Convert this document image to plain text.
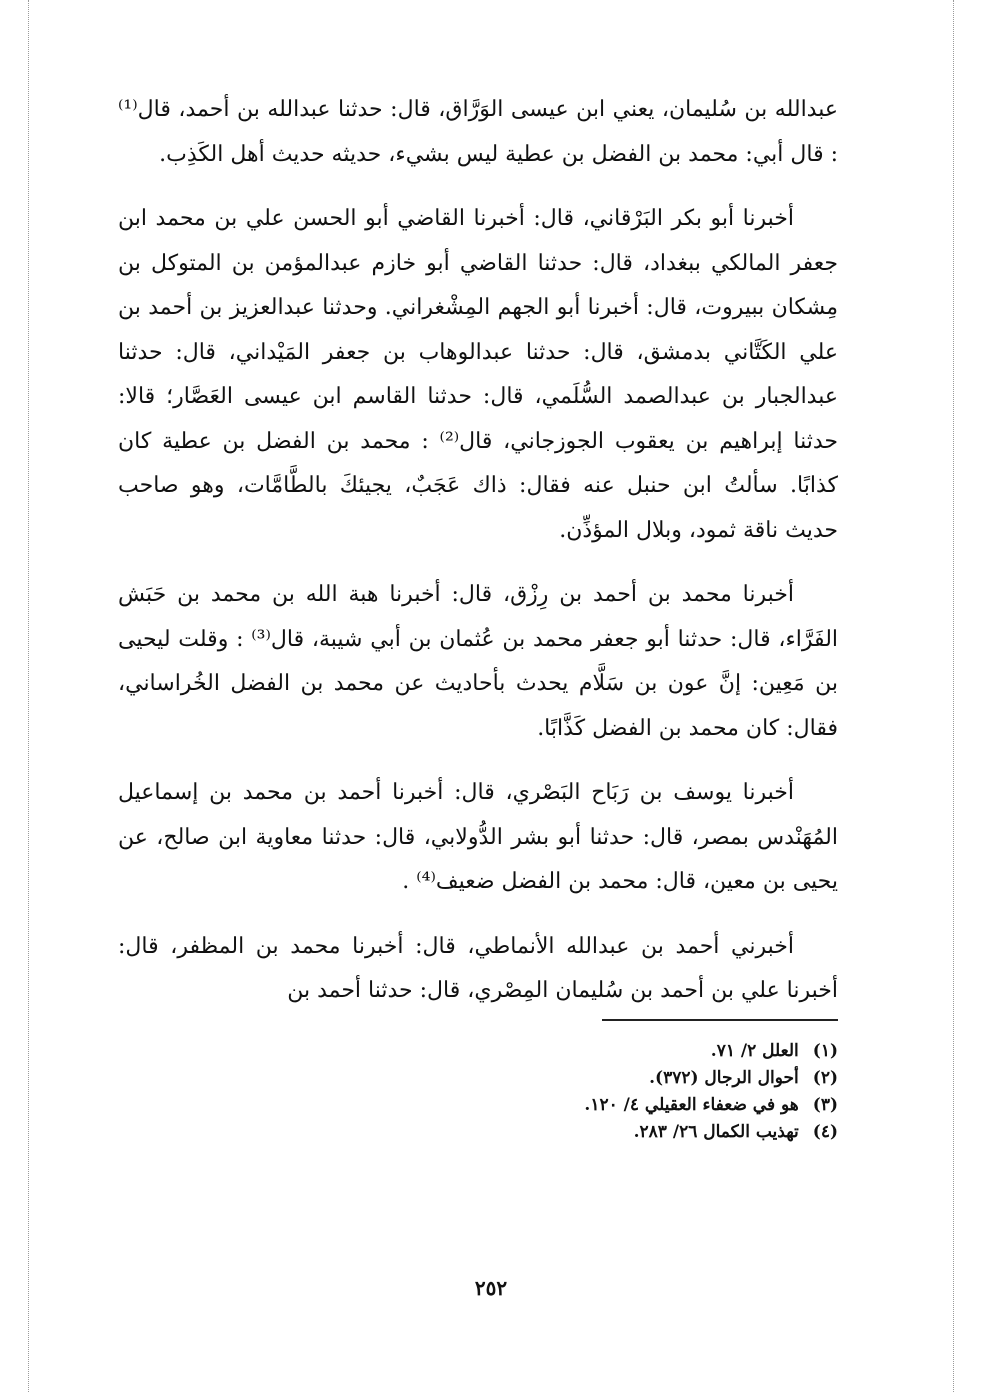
عبدالله بن سُليمان، يعني ابن عيسى الوَرَّاق، قال: حدثنا عبدالله بن أحمد، قال⁽¹⁾ : قال أبي: محمد بن الفضل بن عطية ليس بشيء، حديثه حديث أهل الكَذِب.

أخبرنا أبو بكر البَرْقاني، قال: أخبرنا القاضي أبو الحسن علي بن محمد ابن جعفر المالكي ببغداد، قال: حدثنا القاضي أبو خازم عبدالمؤمن بن المتوكل بن مِشكان ببيروت، قال: أخبرنا أبو الجهم المِشْغراني. وحدثنا عبدالعزيز بن أحمد بن علي الكَتَّاني بدمشق، قال: حدثنا عبدالوهاب بن جعفر المَيْداني، قال: حدثنا عبدالجبار بن عبدالصمد السُّلَمي، قال: حدثنا القاسم ابن عيسى العَصَّار؛ قالا: حدثنا إبراهيم بن يعقوب الجوزجاني، قال⁽²⁾ : محمد بن الفضل بن عطية كان كذابًا. سألتُ ابن حنبل عنه فقال: ذاك عَجَبٌ، يجيئكَ بالطَّامَّات، وهو صاحب حديث ناقة ثمود، وبلال المؤذِّن.

أخبرنا محمد بن أحمد بن رِزْق، قال: أخبرنا هبة الله بن محمد بن حَبَش الفَرَّاء، قال: حدثنا أبو جعفر محمد بن عُثمان بن أبي شيبة، قال⁽³⁾ : وقلت ليحيى بن مَعِين: إنَّ عون بن سَلَّام يحدث بأحاديث عن محمد بن الفضل الخُراساني، فقال: كان محمد بن الفضل كَذَّابًا.

أخبرنا يوسف بن رَبَاح البَصْري، قال: أخبرنا أحمد بن محمد بن إسماعيل المُهَنْدس بمصر، قال: حدثنا أبو بشر الدُّولابي، قال: حدثنا معاوية ابن صالح، عن يحيى بن معين، قال: محمد بن الفضل ضعيف⁽⁴⁾ .

أخبرني أحمد بن عبدالله الأنماطي، قال: أخبرنا محمد بن المظفر، قال: أخبرنا علي بن أحمد بن سُليمان المِصْري، قال: حدثنا أحمد بن

(١)
العلل ٢/ ٧١.
(٢)
أحوال الرجال (٣٧٢).
(٣)
هو في ضعفاء العقيلي ٤/ ١٢٠.
(٤)
تهذيب الكمال ٢٦/ ٢٨٣.
٢٥٢
